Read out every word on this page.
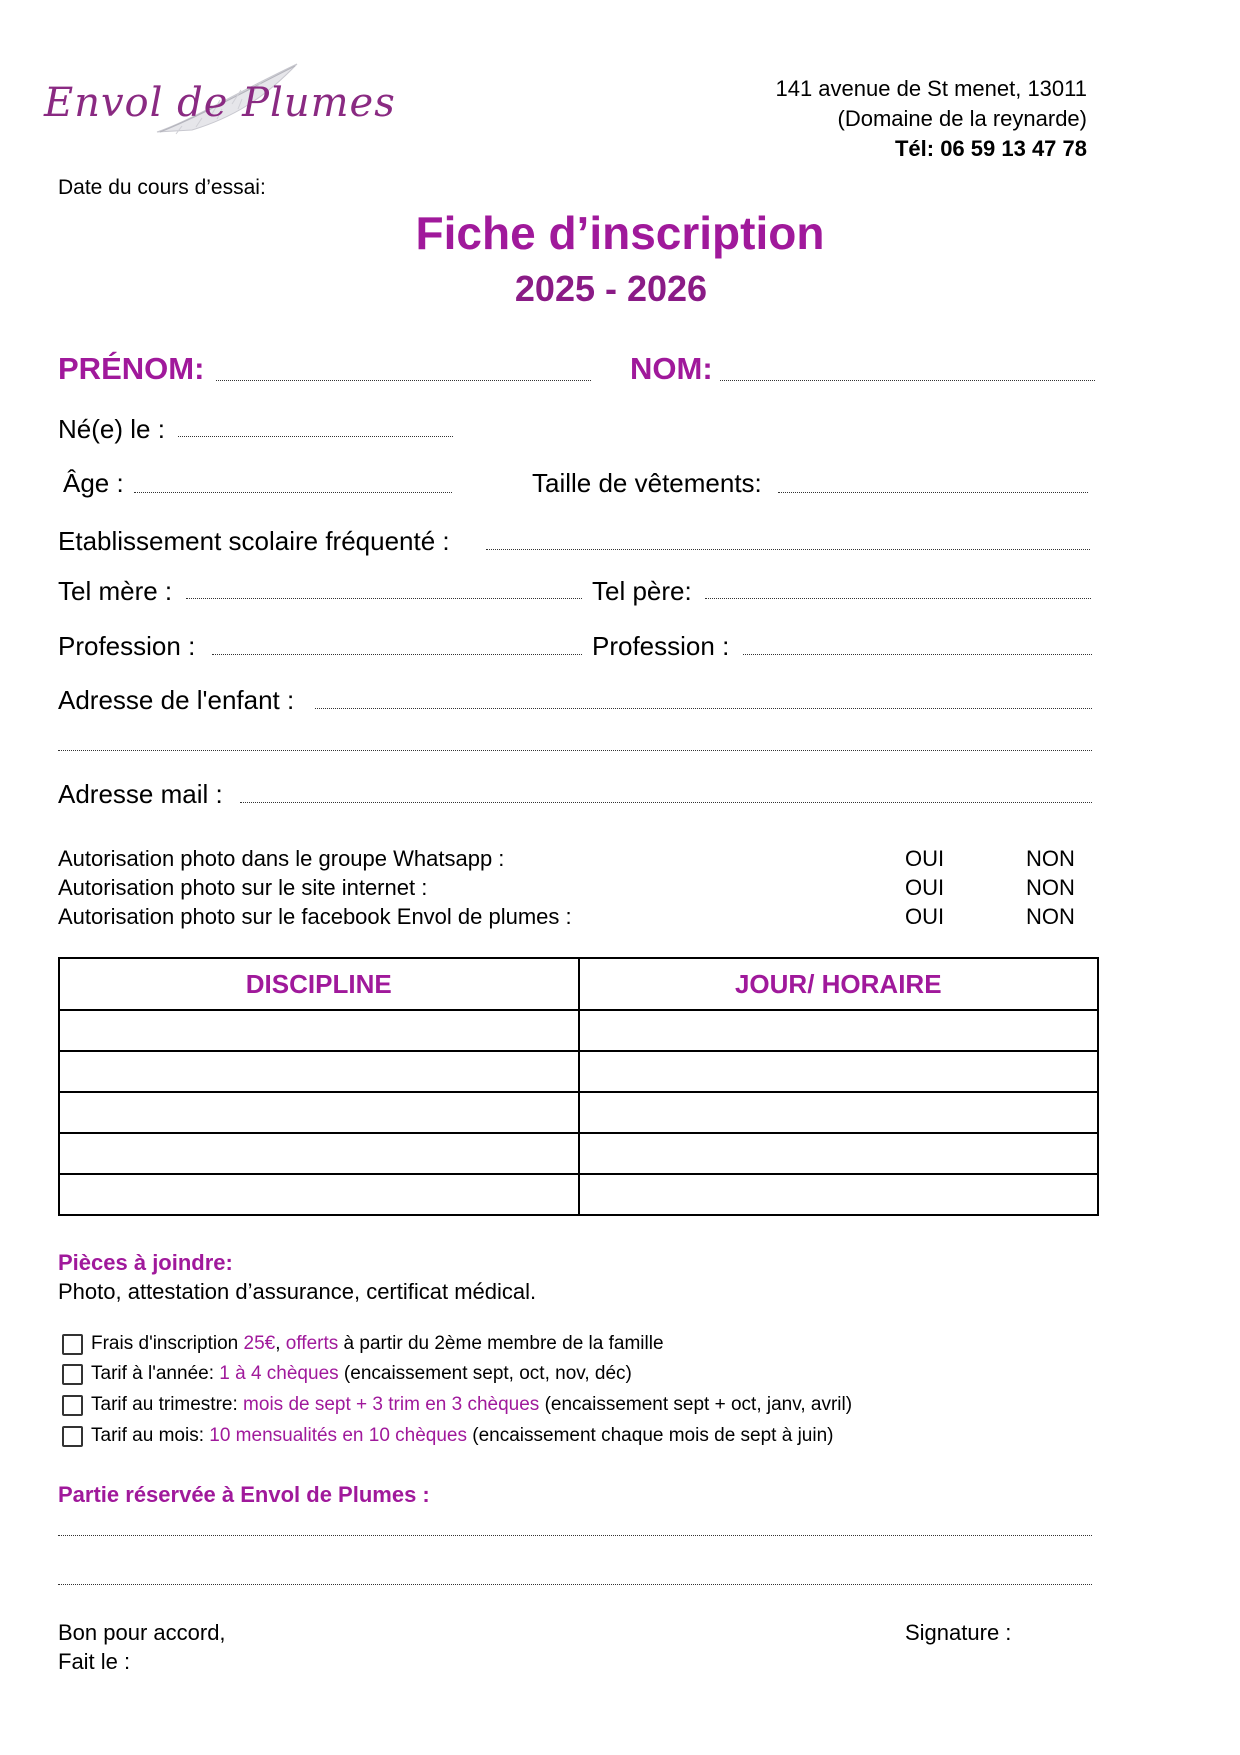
Envol de Plumes	141 avenue de St menet, 13011
(Domaine de la reynarde)
Tél: 06 59 13 47 78
Date du cours d’essai:
Fiche d’inscription
2025 - 2026
PRÉNOM:	NOM:
Né(e) le :
Âge :	Taille de vêtements:
Etablissement scolaire fréquenté :
Tel mère :	Tel père:
Profession :	Profession :
Adresse de l'enfant :
Adresse mail :
Autorisation photo dans le groupe Whatsapp :	OUI	NON
Autorisation photo sur le site internet :	OUI	NON
Autorisation photo sur le facebook Envol de plumes :	OUI	NON
DISCIPLINE	JOUR/ HORAIRE

Pièces à joindre:
Photo, attestation d’assurance, certificat médical.
Frais d'inscription 25€ , offerts à partir du 2ème membre de la famille
Tarif à l'année: 1 à 4 chèques (encaissement sept, oct, nov, déc)
Tarif au trimestre: mois de sept + 3 trim en 3 chèques (encaissement sept + oct, janv, avril)
Tarif au mois: 10 mensualités en 10 chèques (encaissement chaque mois de sept à juin)
Partie réservée à Envol de Plumes :
Bon pour accord,
Fait le :
Signature :
